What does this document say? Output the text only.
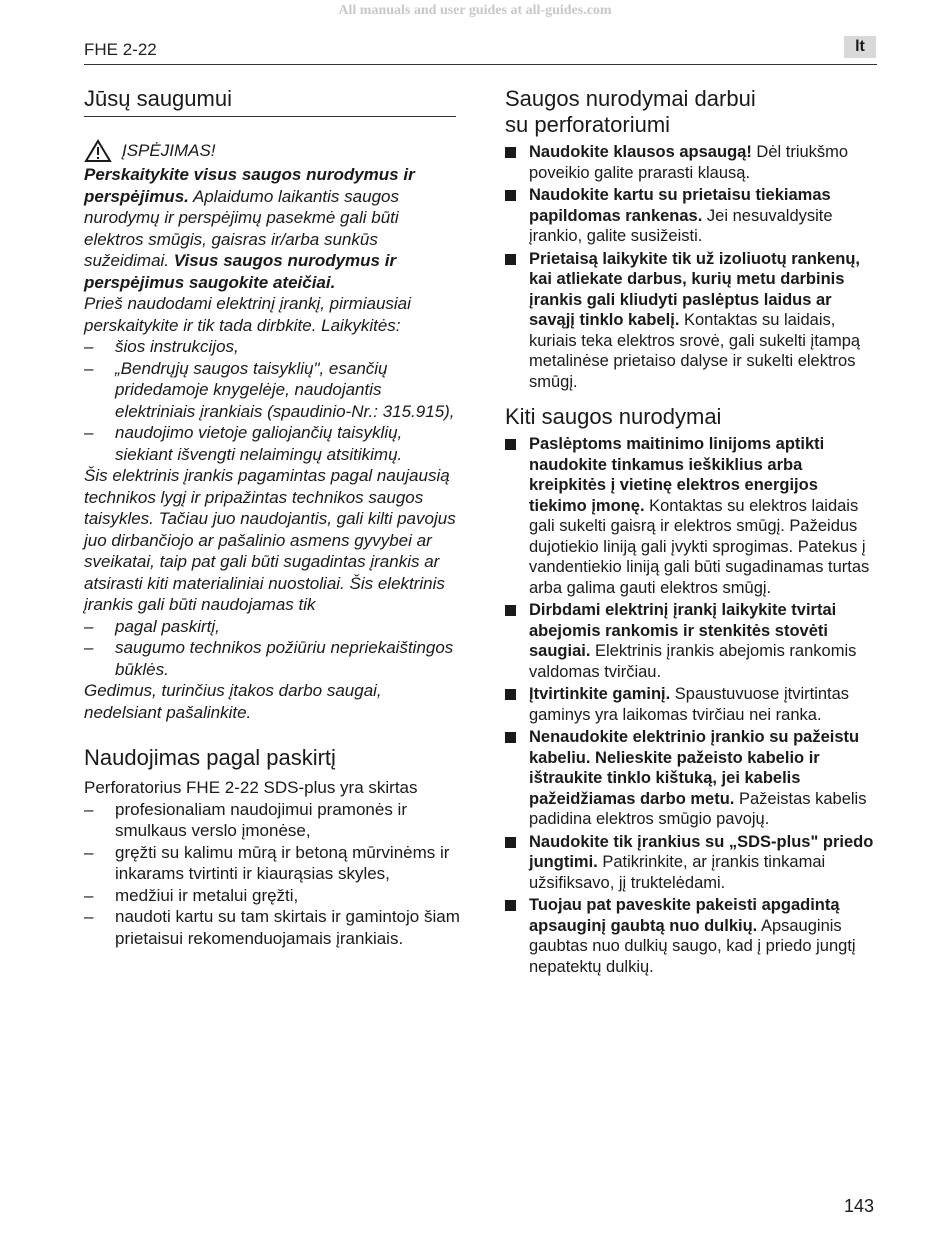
All manuals and user guides at all-guides.com
FHE 2-22	lt
Jūsų saugumui
ĮSPĖJIMAS!

Perskaitykite visus saugos nurodymus ir perspėjimus. Aplaidumo laikantis saugos nurodymų ir perspėjimų pasekmė gali būti elektros smūgis, gaisras ir/arba sunkūs sužeidimai. Visus saugos nurodymus ir perspėjimus saugokite ateičiai.

Prieš naudodami elektrinį įrankį, pirmiausiai perskaitykite ir tik tada dirbkite. Laikykitės:

– šios instrukcijos,
– „Bendrųjų saugos taisyklių", esančių pridedamoje knygelėje, naudojantis elektriniais įrankiais (spaudinio-Nr.: 315.915),
– naudojimo vietoje galiojančių taisyklių, siekiant išvengti nelaimingų atsitikimų.

Šis elektrinis įrankis pagamintas pagal naujausią technikos lygį ir pripažintas technikos saugos taisykles. Tačiau juo naudojantis, gali kilti pavojus juo dirbančiojo ar pašalinio asmens gyvybei ar sveikatai, taip pat gali būti sugadintas įrankis ar atsirasti kiti materialiniai nuostoliai. Šis elektrinis įrankis gali būti naudojamas tik

– pagal paskirtį,
– saugumo technikos požiūriu nepriekaištingos būklės.

Gedimus, turinčius įtakos darbo saugai, nedelsiant pašalinkite.

Naudojimas pagal paskirtį

Perforatorius FHE 2-22 SDS-plus yra skirtas

– profesionaliam naudojimui pramonės ir smulkaus verslo įmonėse,
– gręžti su kalimu mūrą ir betoną mūrvinėms ir inkarams tvirtinti ir kiaurąsias skyles,
– medžiui ir metalui gręžti,
– naudoti kartu su tam skirtais ir gamintojo šiam prietaisui rekomenduojamais įrankiais.
Saugos nurodymai darbui
su perforatoriumi
Naudokite klausos apsaugą! Dėl triukšmo poveikio galite prarasti klausą.
Naudokite kartu su prietaisu tiekiamas papildomas rankenas. Jei nesuvaldysite įrankio, galite susižeisti.
Prietaisą laikykite tik už izoliuotų rankenų, kai atliekate darbus, kurių metu darbinis įrankis gali kliudyti paslėptus laidus ar savąjį tinklo kabelį. Kontaktas su laidais, kuriais teka elektros srovė, gali sukelti įtampą metalinėse prietaiso dalyse ir sukelti elektros smūgį.
Kiti saugos nurodymai
Paslėptoms maitinimo linijoms aptikti naudokite tinkamus ieškiklius arba kreipkitės į vietinę elektros energijos tiekimo įmonę. Kontaktas su elektros laidais gali sukelti gaisrą ir elektros smūgį. Pažeidus dujotiekio liniją gali įvykti sprogimas. Patekus į vandentiekio liniją gali būti sugadinamas turtas arba galima gauti elektros smūgį.
Dirbdami elektrinį įrankį laikykite tvirtai abejomis rankomis ir stenkitės stovėti saugiai. Elektrinis įrankis abejomis rankomis valdomas tvirčiau.
Įtvirtinkite gaminį. Spaustuvuose įtvirtintas gaminys yra laikomas tvirčiau nei ranka.
Nenaudokite elektrinio įrankio su pažeistu kabeliu. Nelieskite pažeisto kabelio ir ištraukite tinklo kištuką, jei kabelis pažeidžiamas darbo metu. Pažeistas kabelis padidina elektros smūgio pavojų.
Naudokite tik įrankius su „SDS-plus" priedo jungtimi. Patikrinkite, ar įrankis tinkamai užsifiksavo, jį truktelėdami.
Tuojau pat paveskite pakeisti apgadintą apsauginį gaubtą nuo dulkių. Apsauginis gaubtas nuo dulkių saugo, kad į priedo jungtį nepatektų dulkių.
143
